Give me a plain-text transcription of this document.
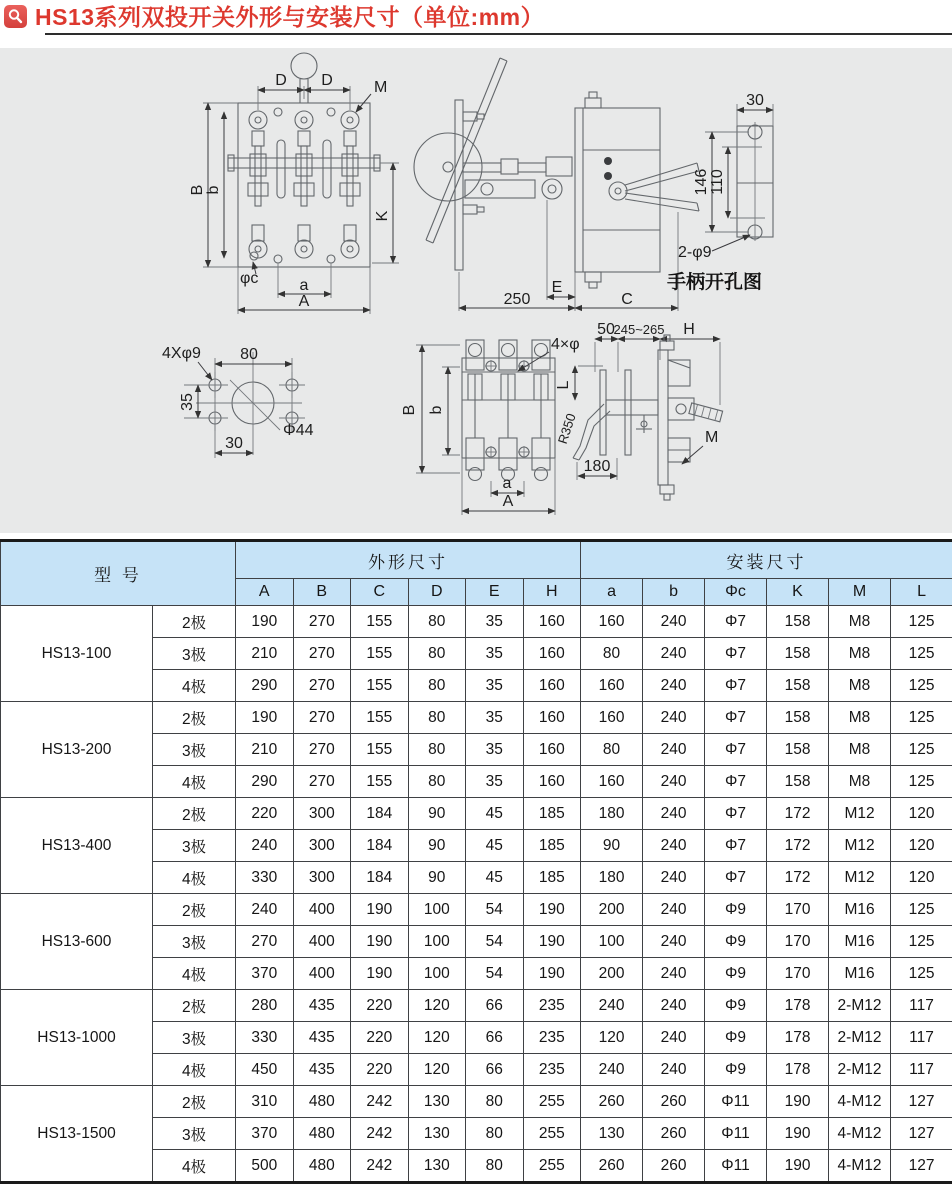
HS13系列双投开关外形与安装尺寸（单位:mm）
D D	M
B b
K
φc	a
A
E
250	C
30
146 110
2-φ9
手柄开孔图
80
35
30
4Xφ9
Φ44
B b
a
A
4×φ
R350
180
L
50
245~265 H
M
型 号		外形尺寸						安装尺寸					
		A	B	C	D	E	H	a	b	Φc	K	M	L
HS13-100	2极	190	270	155	80	35	160	160	240	Φ7	158	M8	125
	3极	210	270	155	80	35	160	80	240	Φ7	158	M8	125
	4极	290	270	155	80	35	160	160	240	Φ7	158	M8	125
HS13-200	2极	190	270	155	80	35	160	160	240	Φ7	158	M8	125
	3极	210	270	155	80	35	160	80	240	Φ7	158	M8	125
	4极	290	270	155	80	35	160	160	240	Φ7	158	M8	125
HS13-400	2极	220	300	184	90	45	185	180	240	Φ7	172	M12	120
	3极	240	300	184	90	45	185	90	240	Φ7	172	M12	120
	4极	330	300	184	90	45	185	180	240	Φ7	172	M12	120
HS13-600	2极	240	400	190	100	54	190	200	240	Φ9	170	M16	125
	3极	270	400	190	100	54	190	100	240	Φ9	170	M16	125
	4极	370	400	190	100	54	190	200	240	Φ9	170	M16	125
HS13-1000	2极	280	435	220	120	66	235	240	240	Φ9	178	2-M12	117
	3极	330	435	220	120	66	235	120	240	Φ9	178	2-M12	117
	4极	450	435	220	120	66	235	240	240	Φ9	178	2-M12	117
HS13-1500	2极	310	480	242	130	80	255	260	260	Φ11	190	4-M12	127
	3极	370	480	242	130	80	255	130	260	Φ11	190	4-M12	127
	4极	500	480	242	130	80	255	260	260	Φ11	190	4-M12	127
